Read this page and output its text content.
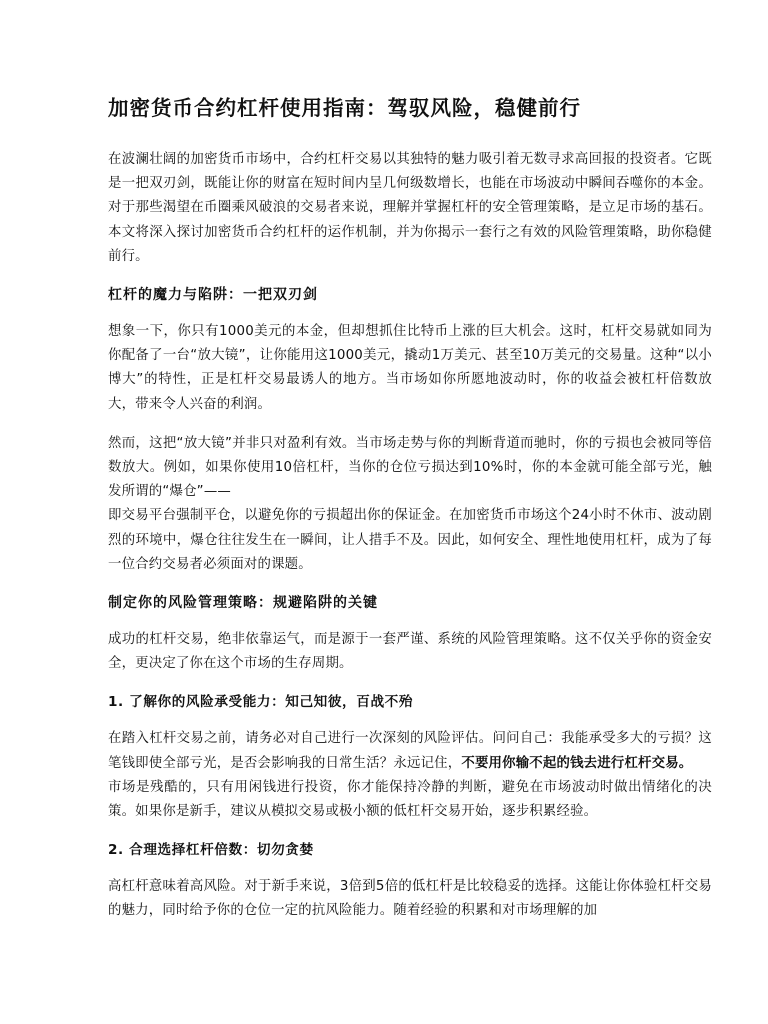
加密货币合约杠杆使用指南：驾驭风险，稳健前行

在波澜壮阔的加密货币市场中，合约杠杆交易以其独特的魅力吸引着无数寻求高回报的投资者。它既是一把双刃剑，既能让你的财富在短时间内呈几何级数增长，也能在市场波动中瞬间吞噬你的本金。对于那些渴望在币圈乘风破浪的交易者来说，理解并掌握杠杆的安全管理策略，是立足市场的基石。本文将深入探讨加密货币合约杠杆的运作机制，并为你揭示一套行之有效的风险管理策略，助你稳健前行。

杠杆的魔力与陷阱：一把双刃剑

想象一下，你只有1000美元的本金，但却想抓住比特币上涨的巨大机会。这时，杠杆交易就如同为你配备了一台“放大镜”，让你能用这1000美元，撬动1万美元、甚至10万美元的交易量。这种“以小博大”的特性，正是杠杆交易最诱人的地方。当市场如你所愿地波动时，你的收益会被杠杆倍数放大，带来令人兴奋的利润。

然而，这把“放大镜”并非只对盈利有效。当市场走势与你的判断背道而驰时，你的亏损也会被同等倍数放大。例如，如果你使用10倍杠杆，当你的仓位亏损达到10%时，你的本金就可能全部亏光，触发所谓的“爆仓”——

即交易平台强制平仓，以避免你的亏损超出你的保证金。在加密货币市场这个24小时不休市、波动剧烈的环境中，爆仓往往发生在一瞬间，让人措手不及。因此，如何安全、理性地使用杠杆，成为了每一位合约交易者必须面对的课题。

制定你的风险管理策略：规避陷阱的关键

成功的杠杆交易，绝非依靠运气，而是源于一套严谨、系统的风险管理策略。这不仅关乎你的资金安全，更决定了你在这个市场的生存周期。

1. 了解你的风险承受能力：知己知彼，百战不殆

在踏入杠杆交易之前，请务必对自己进行一次深刻的风险评估。问问自己：我能承受多大的亏损？这笔钱即使全部亏光，是否会影响我的日常生活？永远记住，不要用你输不起的钱去进行杠杆交易。

市场是残酷的，只有用闲钱进行投资，你才能保持冷静的判断，避免在市场波动时做出情绪化的决策。如果你是新手，建议从模拟交易或极小额的低杠杆交易开始，逐步积累经验。

2. 合理选择杠杆倍数：切勿贪婪

高杠杆意味着高风险。对于新手来说，3倍到5倍的低杠杆是比较稳妥的选择。这能让你体验杠杆交易的魅力，同时给予你的仓位一定的抗风险能力。随着经验的积累和对市场理解的加
